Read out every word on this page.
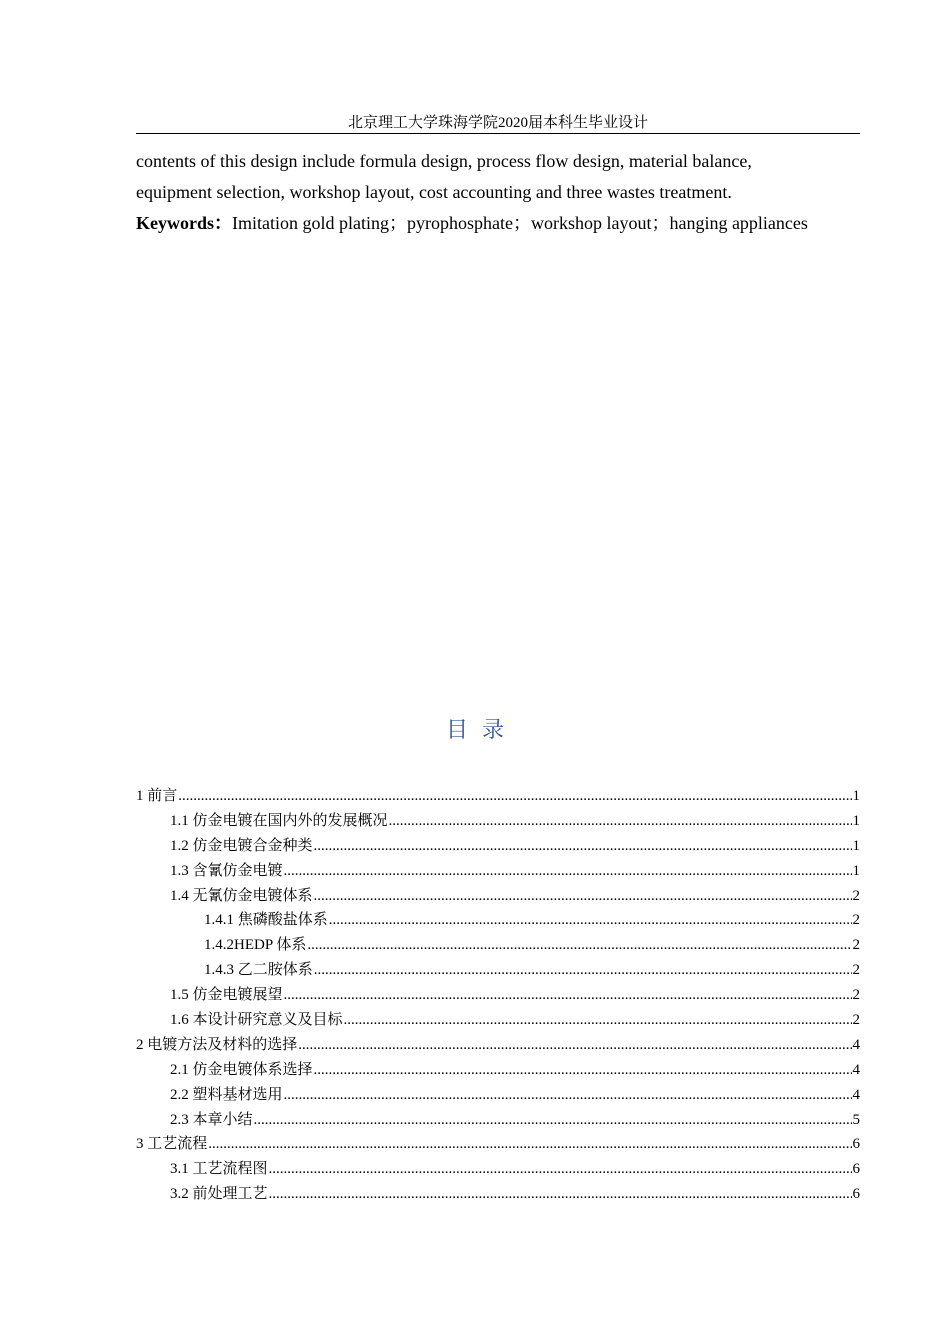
北京理工大学珠海学院2020届本科生毕业设计

contents of this design include formula design, process flow design, material balance,

equipment selection, workshop layout, cost accounting and three wastes treatment.

Keywords：Imitation gold plating；pyrophosphate；workshop layout；hanging appliances

目录
1 前言 .....	1
1.1 仿金电镀在国内外的发展概况 .....	1
1.2 仿金电镀合金种类 .....	1
1.3 含氰仿金电镀 .....	1
1.4 无氰仿金电镀体系 .....	2
1.4.1 焦磷酸盐体系 .....	2
1.4.2HEDP 体系 .....	2
1.4.3 乙二胺体系 .....	2
1.5 仿金电镀展望 .....	2
1.6 本设计研究意义及目标 .....	2
2 电镀方法及材料的选择 .....	4
2.1 仿金电镀体系选择 .....	4
2.2 塑料基材选用 .....	4
2.3 本章小结 .....	5
3 工艺流程 .....	6
3.1 工艺流程图 .....	6
3.2 前处理工艺 .....	6
